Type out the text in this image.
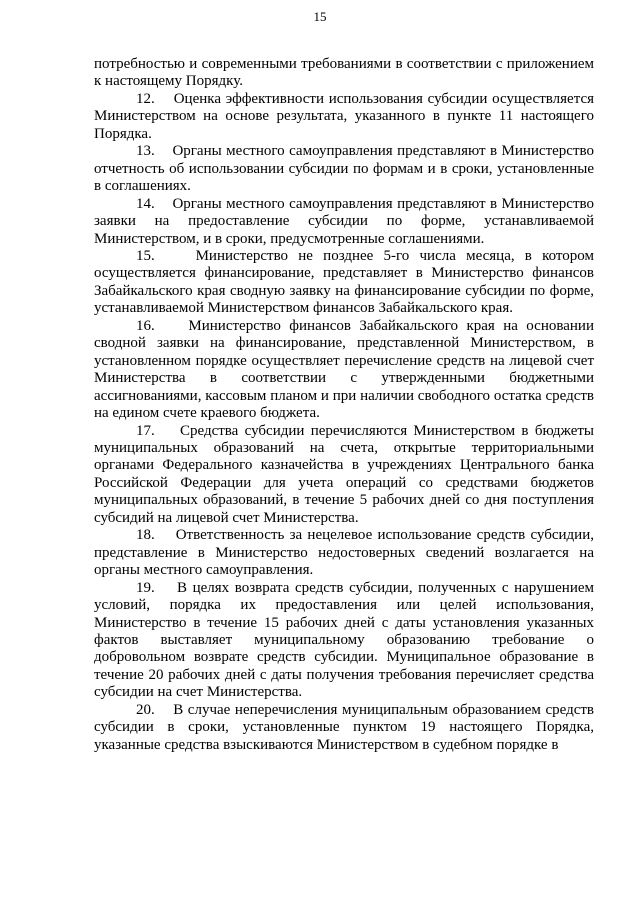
15

потребностью и современными требованиями в соответствии с приложением к настоящему Порядку.

12.    Оценка эффективности использования субсидии осуществляется Министерством на основе результата, указанного в пункте 11 настоящего Порядка.

13.    Органы местного самоуправления представляют в Министерство отчетность об использовании субсидии по формам и в сроки, установленные в соглашениях.

14.    Органы местного самоуправления представляют в Министерство заявки на предоставление субсидии по форме, устанавливаемой Министерством, и в сроки, предусмотренные соглашениями.

15.    Министерство не позднее 5-го числа месяца, в котором осуществляется финансирование, представляет в Министерство финансов Забайкальского края сводную заявку на финансирование субсидии по форме, устанавливаемой Министерством финансов Забайкальского края.

16.    Министерство финансов Забайкальского края на основании сводной заявки на финансирование, представленной Министерством, в установленном порядке осуществляет перечисление средств на лицевой счет Министерства в соответствии с утвержденными бюджетными ассигнованиями, кассовым планом и при наличии свободного остатка средств на едином счете краевого бюджета.

17.    Средства субсидии перечисляются Министерством в бюджеты муниципальных образований на счета, открытые территориальными органами Федерального казначейства в учреждениях Центрального банка Российской Федерации для учета операций со средствами бюджетов муниципальных образований, в течение 5 рабочих дней со дня поступления субсидий на лицевой счет Министерства.

18.    Ответственность за нецелевое использование средств субсидии, представление в Министерство недостоверных сведений возлагается на органы местного самоуправления.

19.    В целях возврата средств субсидии, полученных с нарушением условий, порядка их предоставления или целей использования, Министерство в течение 15 рабочих дней с даты установления указанных фактов выставляет муниципальному образованию требование о добровольном возврате средств субсидии. Муниципальное образование в течение 20 рабочих дней с даты получения требования перечисляет средства субсидии на счет Министерства.

20.    В случае неперечисления муниципальным образованием средств субсидии в сроки, установленные пунктом 19 настоящего Порядка, указанные средства взыскиваются Министерством в судебном порядке в
